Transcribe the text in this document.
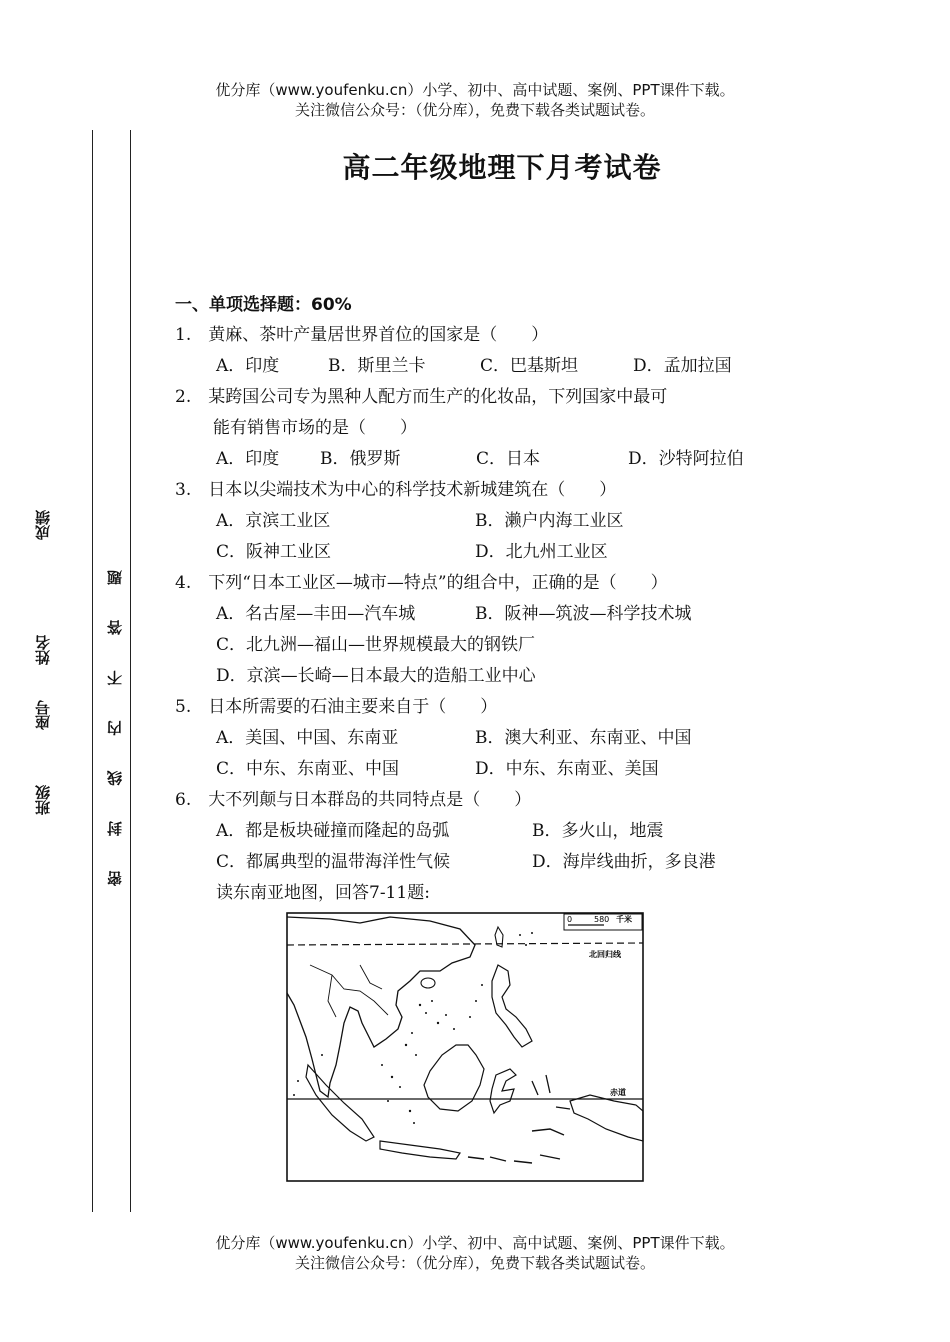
优分库（www.youfenku.cn）小学、初中、高中试题、案例、PPT课件下载。
关注微信公众号：（优分库），免费下载各类试题试卷。
班级
座号
姓名
成绩
密 封 线 内 不 答 题
高二年级地理下月考试卷
一、单项选择题：60%
1.　黄麻、茶叶产量居世界首位的国家是（　　）
A．印度	B．斯里兰卡	C．巴基斯坦	D．孟加拉国
2.　某跨国公司专为黑种人配方而生产的化妆品，下列国家中最可
能有销售市场的是（　　）
A．印度 B．俄罗斯	C．日本	D．沙特阿拉伯
3.　日本以尖端技术为中心的科学技术新城建筑在（　　）
A．京滨工业区	B．濑户内海工业区
C．阪神工业区	D．北九州工业区
4.　下列“日本工业区—城市—特点”的组合中，正确的是（　　）
A．名古屋—丰田—汽车城	B．阪神—筑波—科学技术城
C．北九洲—福山—世界规模最大的钢铁厂
D．京滨—长崎—日本最大的造船工业中心
5.　日本所需要的石油主要来自于（　　）
A．美国、中国、东南亚	B．澳大利亚、东南亚、中国
C．中东、东南亚、中国	D．中东、东南亚、美国
6.　大不列颠与日本群岛的共同特点是（　　）
A．都是板块碰撞而隆起的岛弧	B．多火山，地震
C．都属典型的温带海洋性气候	D．海岸线曲折，多良港
读东南亚地图，回答7-11题:
0	580 千米
北回归线
赤道
优分库（www.youfenku.cn）小学、初中、高中试题、案例、PPT课件下载。
关注微信公众号：（优分库），免费下载各类试题试卷。
